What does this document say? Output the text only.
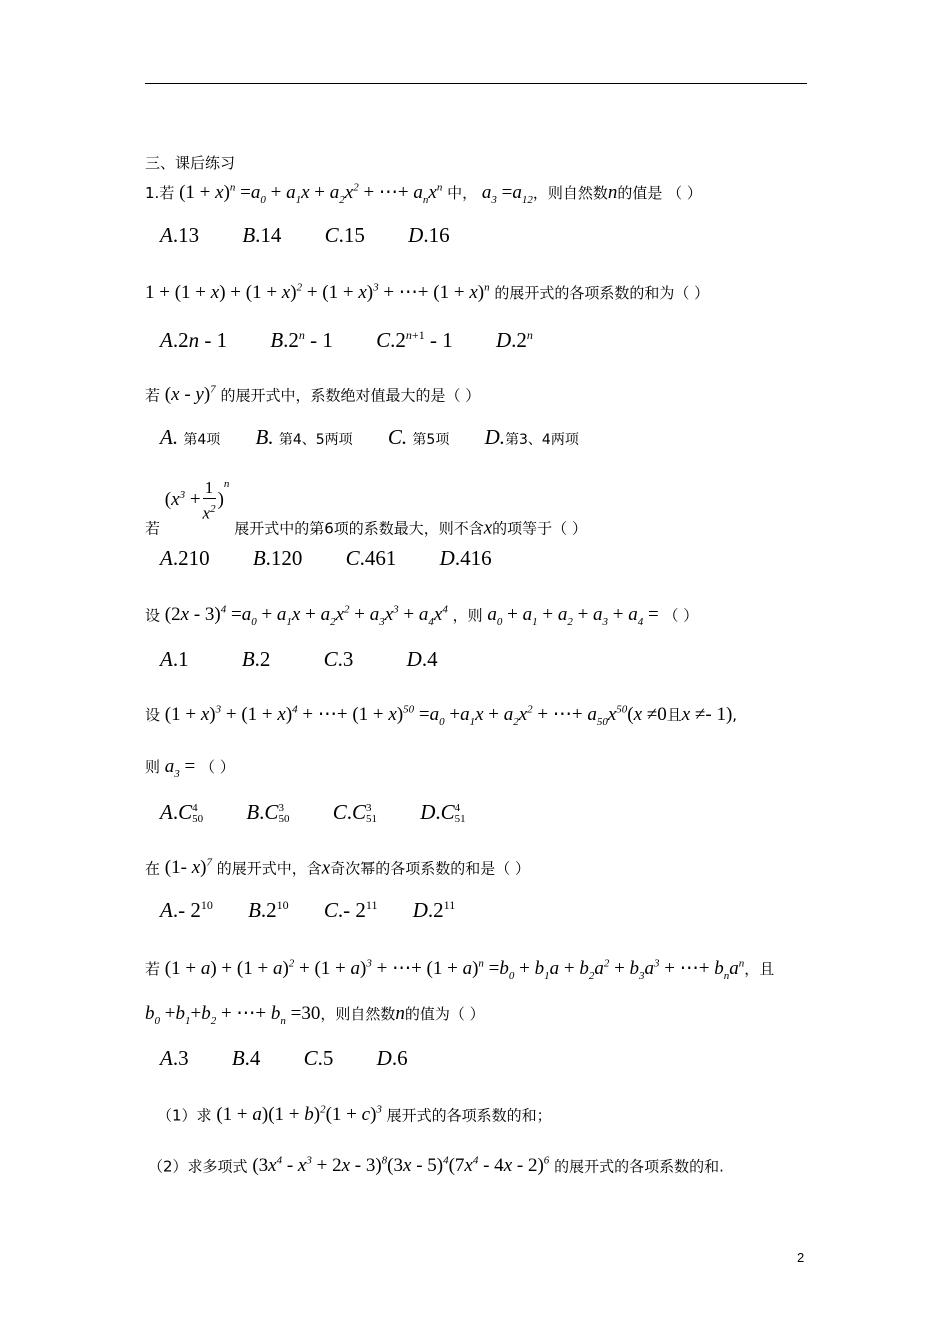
三、课后练习
1.若 $(1 + x)^n =a_0 + a_1x + a_2x^2$ + ⋯+ $a_nx^n$ 中， $a_3 =a_{12}$，则自然数n的值是 （ ）
A.13 B.14 C.15 D.16
$1 + (1 + x) + (1 + x)^2 + (1 + x)^3$ + ⋯+ $(1 + x)^n$ 的展开式的各项系数的和为（ ）
A.2n - 1 B.2$^n$ - 1 $C.2^{n+1} - 1$ D.2$^n$
若 (x - y)$^7$ 的展开式中，系数绝对值最大的是（ ）
A. 第4项 B. 第4、5两项 C. 第5项 D.第3、4两项
若 $(x^3 + \frac{1}{x^2} )^n$ 展开式中的第6项的系数最大，则不含x的项等于（ ）
A.210 B.120 C.461 D.416
设 $(2x - 3)^4 =a_0 + a_1x + a_2x^2 + a_3x^3 + a_4x^4$ ，则 $a_0 + a_1 + a_2 + a_3 + a_4$ = （ ）
A.1	B.2	C.3	D.4
设 $(1 + x)^3 + (1 + x)^4$ + ⋯+ $(1 + x)^{50} =a_0 +a_1x + a_2x^2$ + ⋯+ $a_{50}x^{50}(x \ne 0$且x ≠- 1),
则 $a_3$ = （ ）
A.C 4
50 B.C 3
50 C.C 3
51 D.C 4
51
在 (1- x)$^7$ 的展开式中，含x奇次幂的各项系数的和是（ ）
A.- $2^{10}$ $B.2^{10}$ C.- $2^{11}$ $D.2^{11}$
若 $(1 + a) + (1 + a)^2 + (1 + a)^3$ + ⋯+ $(1 + a)^n =b_0 + b_1a + b_2a^2 + b_3a^3$ + ⋯+ $b_na^n$，且
$b_0 +b_1+b_2$ + ⋯+ $b_n =30$，则自然数n的值为（ ）
A.3 B.4 C.5 D.6
（1）求 $(1 + a)(1 + b)^2(1 + c)^3$ 展开式的各项系数的和；
（2）求多项式 $(3x^4 - x^3 + 2x - 3)^8(3x - 5)^4(7x^4 - 4x - 2)^6$ 的展开式的各项系数的和.
2
